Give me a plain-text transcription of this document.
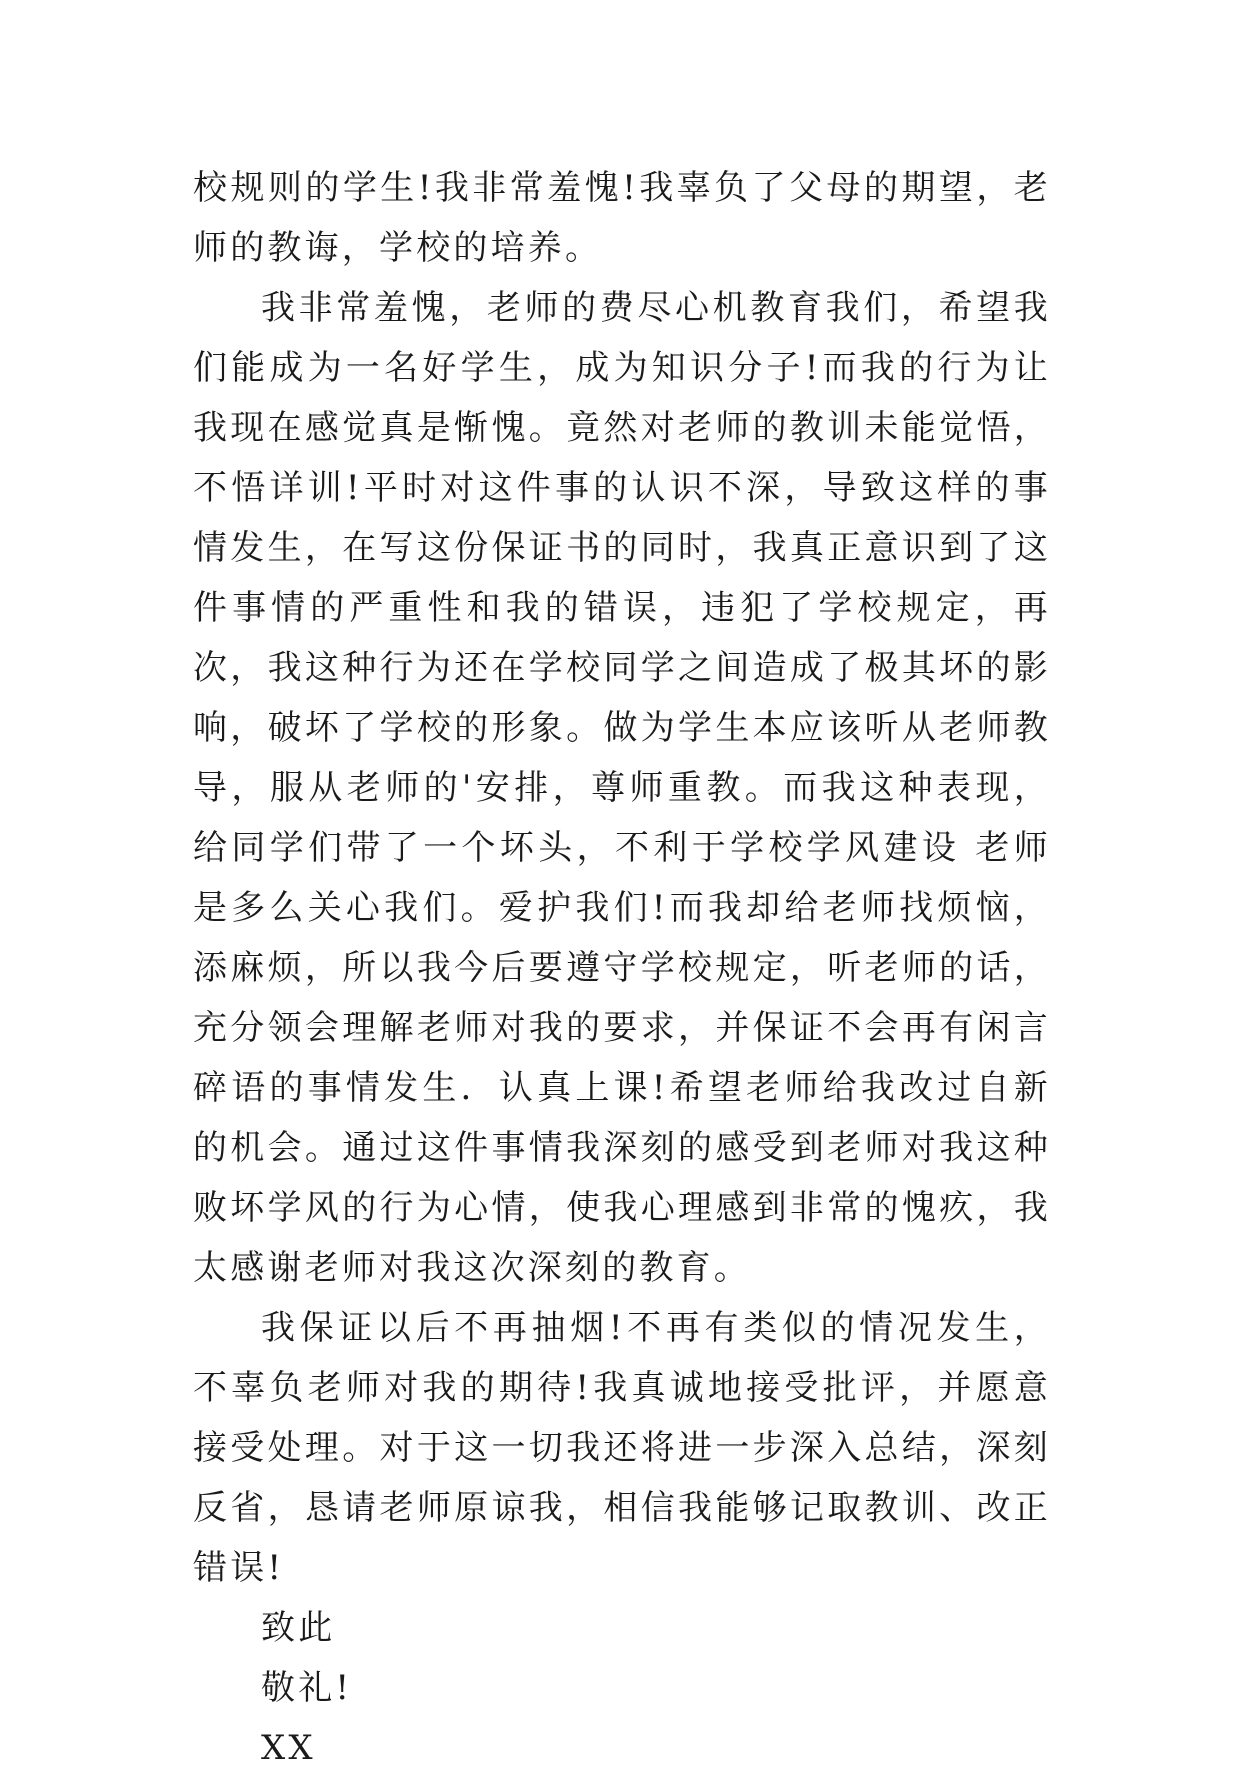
校规则的学生!我非常羞愧!我辜负了父母的期望，老师的教诲，学校的培养。

我非常羞愧，老师的费尽心机教育我们，希望我们能成为一名好学生，成为知识分子!而我的行为让我现在感觉真是惭愧。竟然对老师的教训未能觉悟，不悟详训!平时对这件事的认识不深，导致这样的事情发生，在写这份保证书的同时，我真正意识到了这件事情的严重性和我的错误，违犯了学校规定，再次，我这种行为还在学校同学之间造成了极其坏的影响，破坏了学校的形象。做为学生本应该听从老师教导，服从老师的'安排，尊师重教。而我这种表现，给同学们带了一个坏头，不利于学校学风建设 老师是多么关心我们。爱护我们!而我却给老师找烦恼，添麻烦，所以我今后要遵守学校规定，听老师的话，充分领会理解老师对我的要求，并保证不会再有闲言碎语的事情发生．认真上课!希望老师给我改过自新的机会。通过这件事情我深刻的感受到老师对我这种败坏学风的行为心情，使我心理感到非常的愧疚，我太感谢老师对我这次深刻的教育。

我保证以后不再抽烟!不再有类似的情况发生，不辜负老师对我的期待!我真诚地接受批评，并愿意接受处理。对于这一切我还将进一步深入总结，深刻反省，恳请老师原谅我，相信我能够记取教训、改正错误!

致此

敬礼!

XX
